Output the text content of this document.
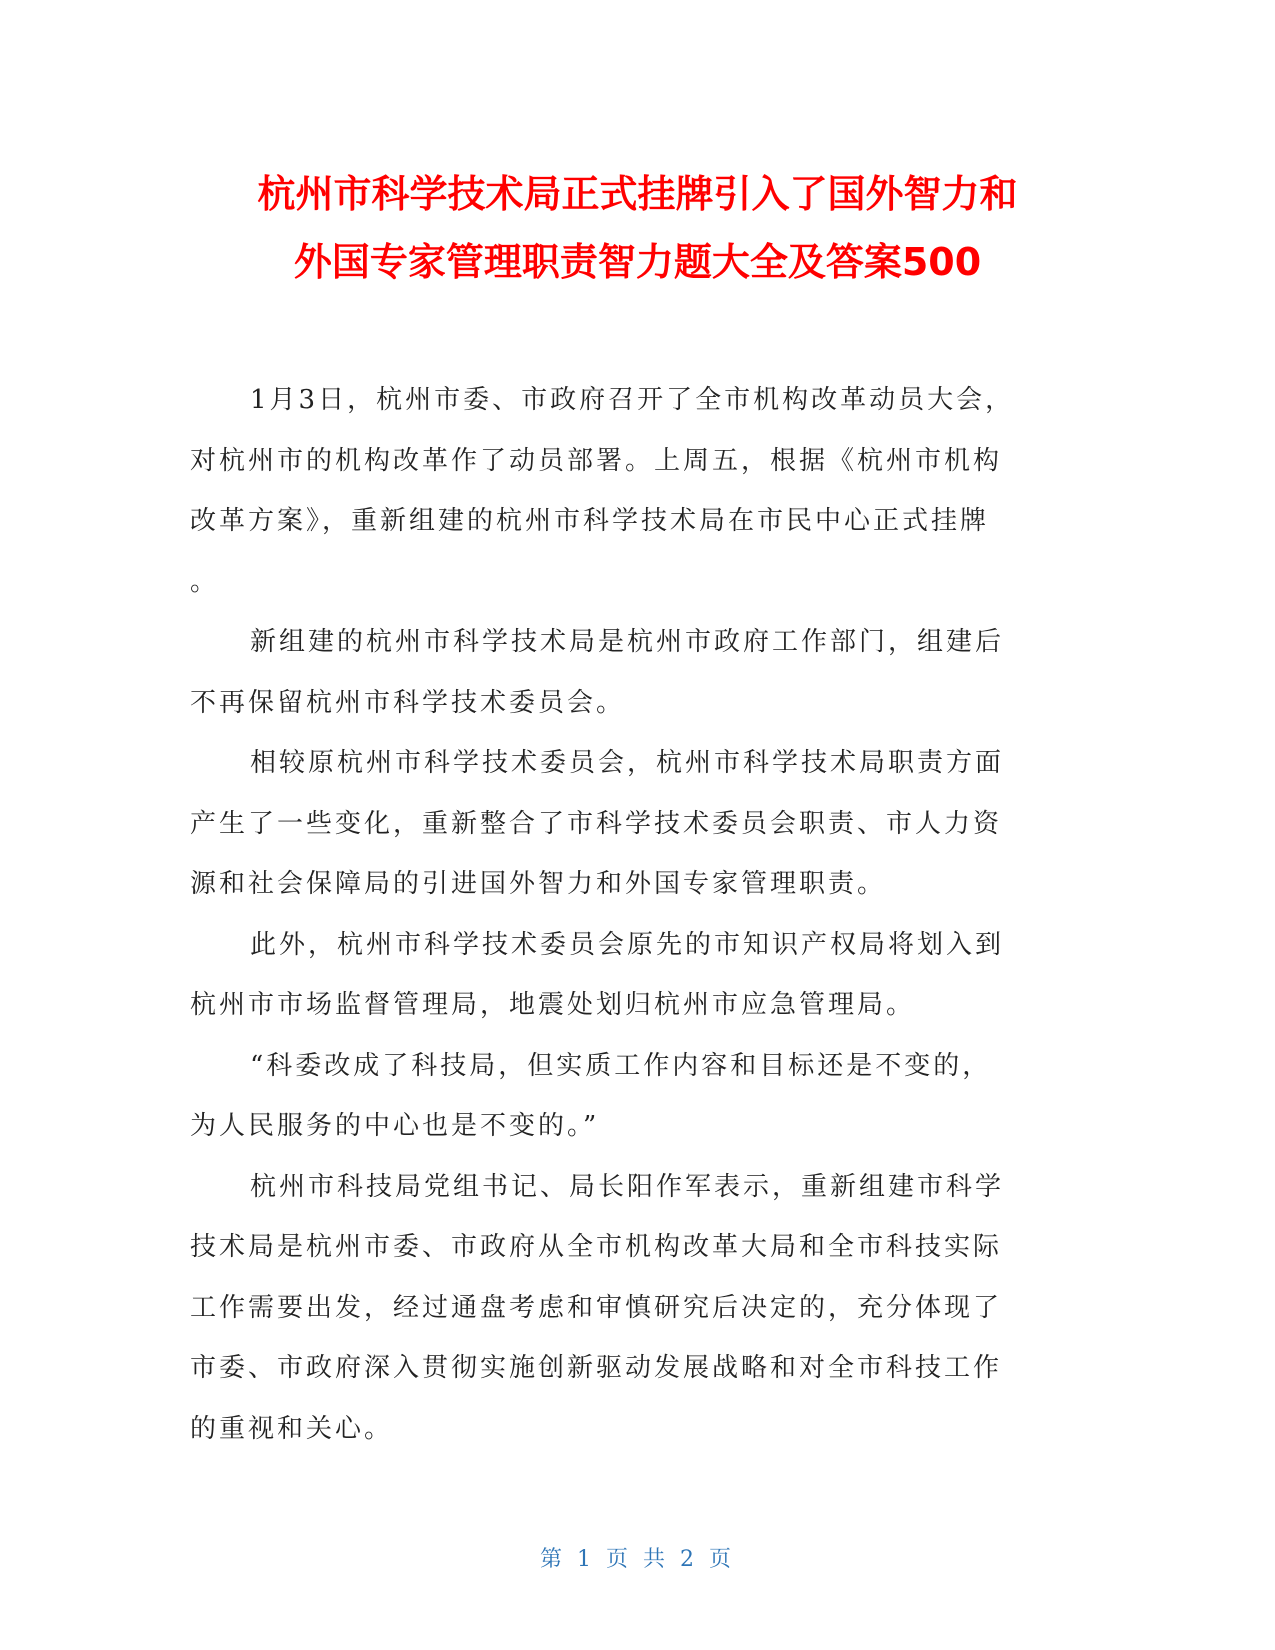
杭州市科学技术局正式挂牌引入了国外智力和
外国专家管理职责智力题大全及答案500

1月3日，杭州市委、市政府召开了全市机构改革动员大会，
对杭州市的机构改革作了动员部署。上周五，根据《杭州市机构
改革方案》，重新组建的杭州市科学技术局在市民中心正式挂牌
。

新组建的杭州市科学技术局是杭州市政府工作部门，组建后
不再保留杭州市科学技术委员会。

相较原杭州市科学技术委员会，杭州市科学技术局职责方面
产生了一些变化，重新整合了市科学技术委员会职责、市人力资
源和社会保障局的引进国外智力和外国专家管理职责。

此外，杭州市科学技术委员会原先的市知识产权局将划入到
杭州市市场监督管理局，地震处划归杭州市应急管理局。

“科委改成了科技局，但实质工作内容和目标还是不变的，
为人民服务的中心也是不变的。”

杭州市科技局党组书记、局长阳作军表示，重新组建市科学
技术局是杭州市委、市政府从全市机构改革大局和全市科技实际
工作需要出发，经过通盘考虑和审慎研究后决定的，充分体现了
市委、市政府深入贯彻实施创新驱动发展战略和对全市科技工作
的重视和关心。

第 1 页 共 2 页
